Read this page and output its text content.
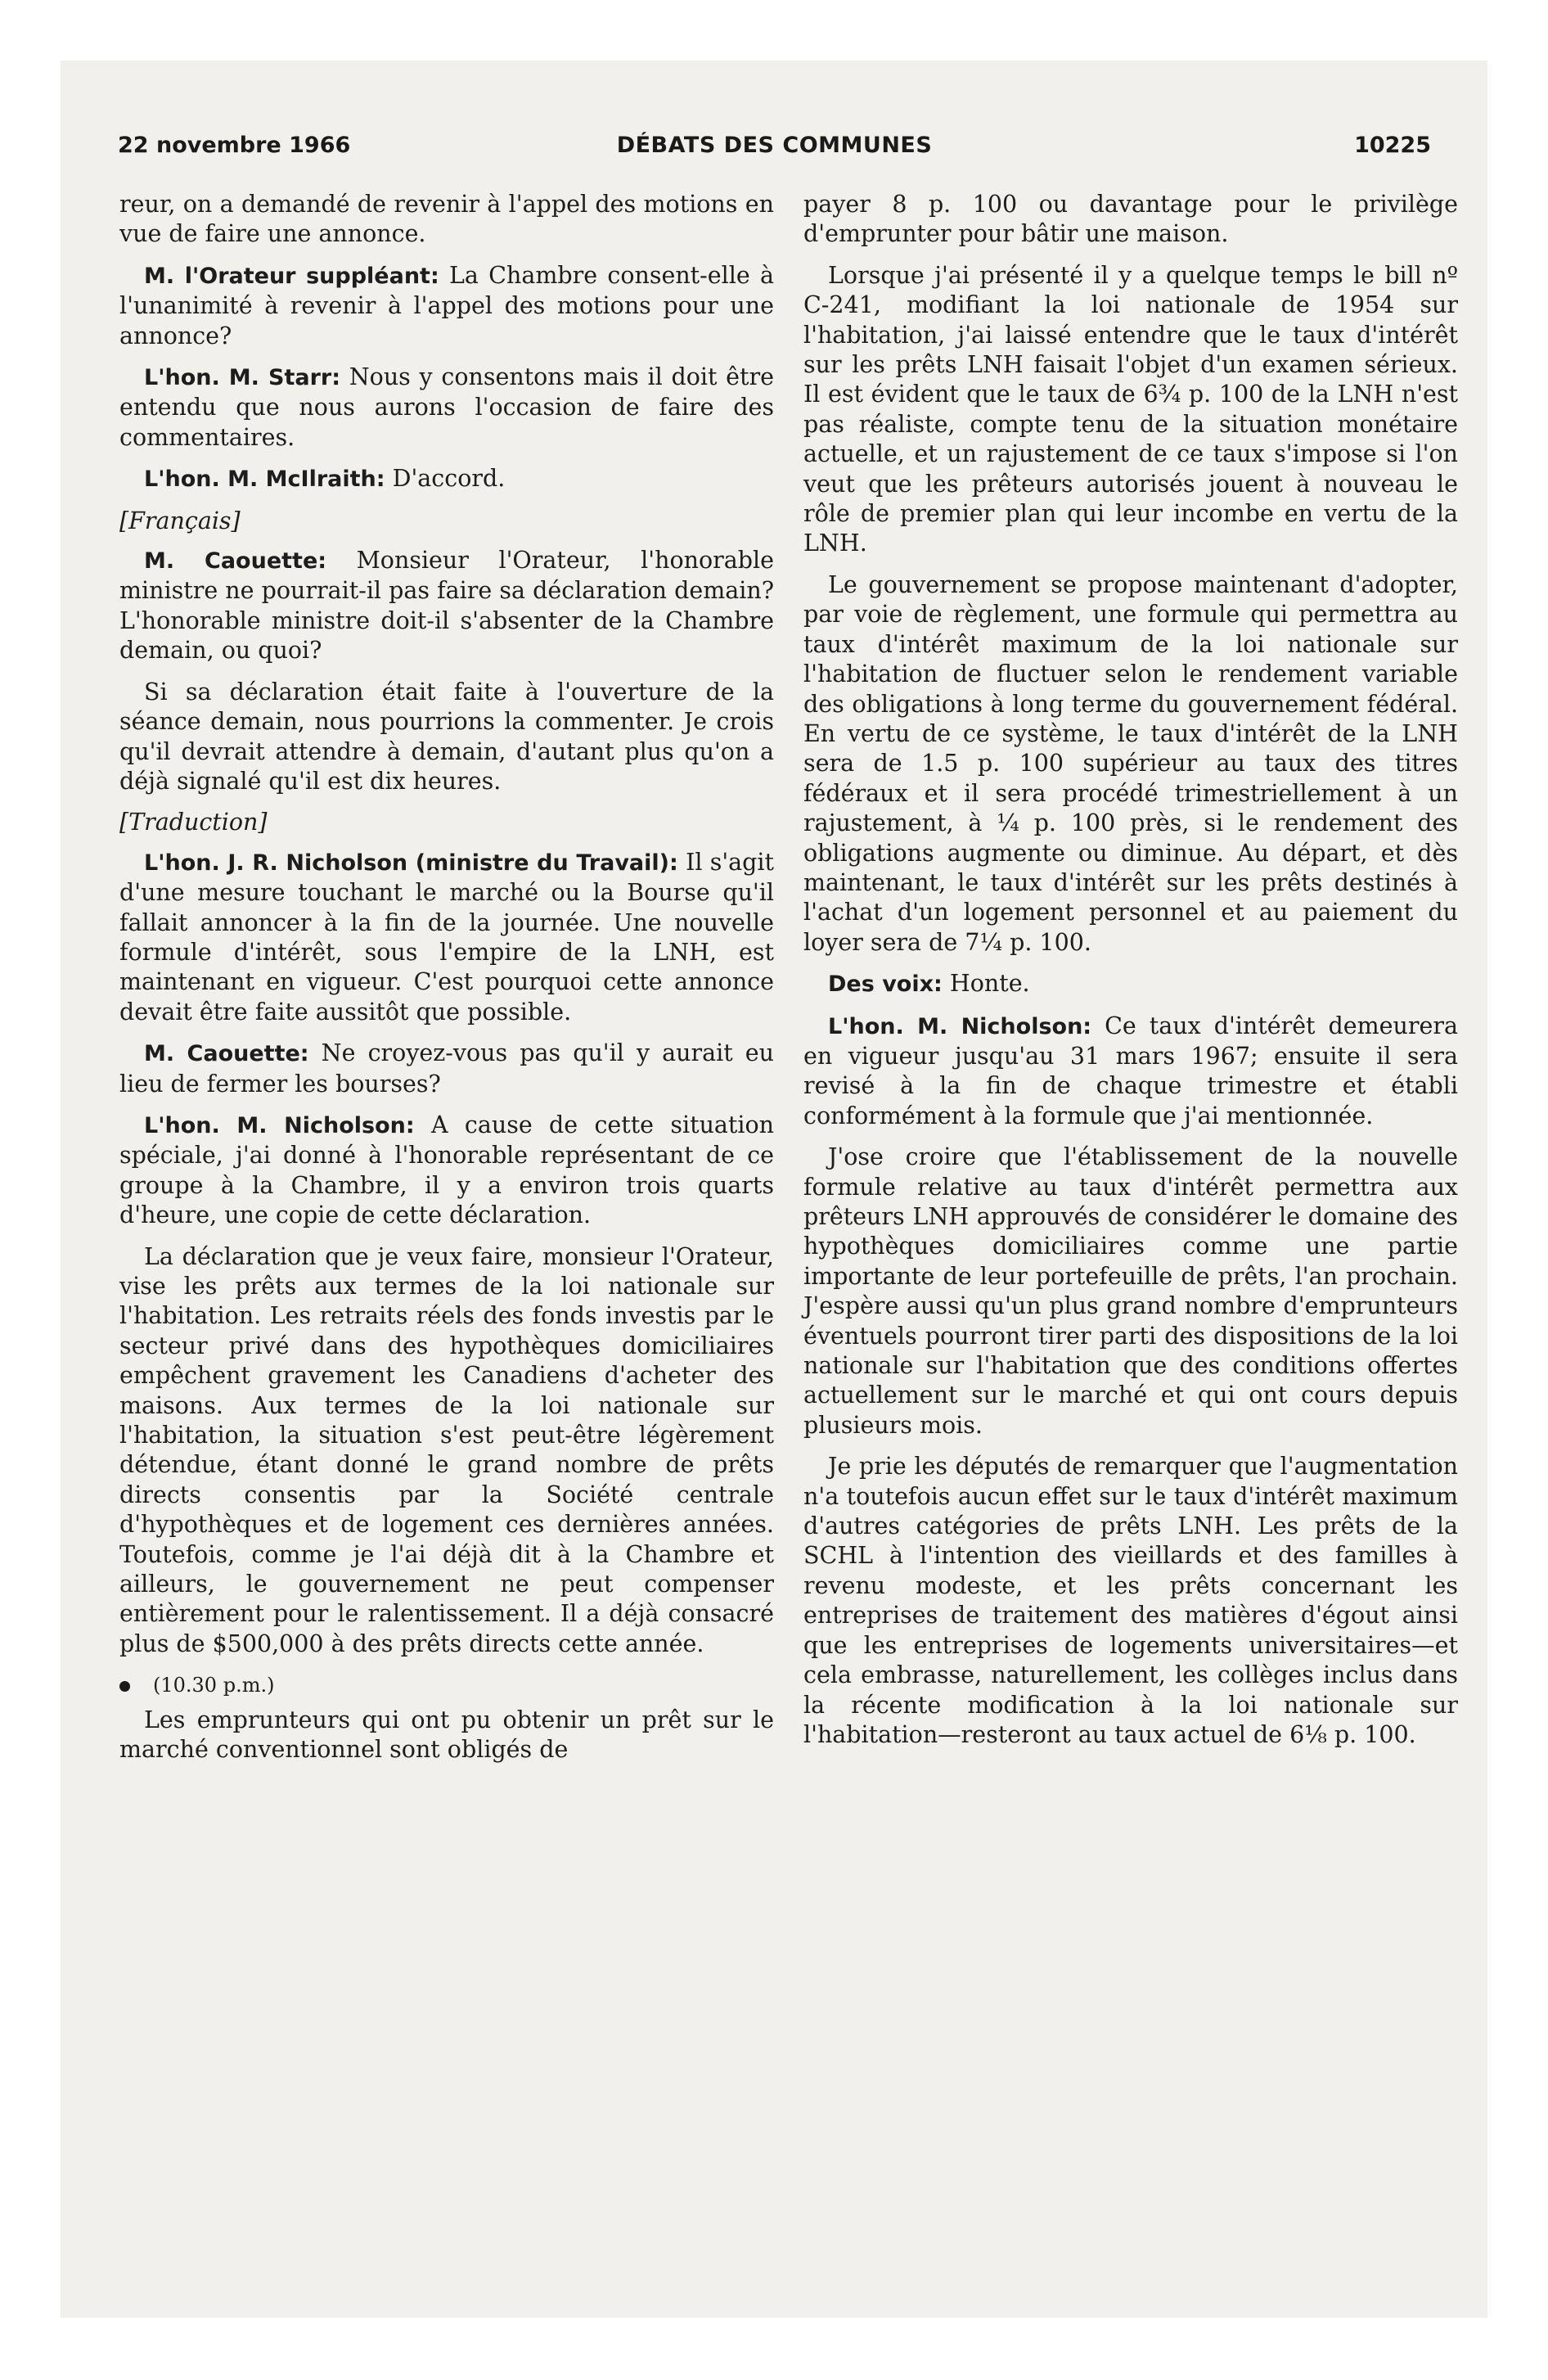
22 novembre 1966	DÉBATS DES COMMUNES	10225

reur, on a demandé de revenir à l'appel des motions en vue de faire une annonce.

M. l'Orateur suppléant: La Chambre consent-elle à l'unanimité à revenir à l'appel des motions pour une annonce?

L'hon. M. Starr: Nous y consentons mais il doit être entendu que nous aurons l'occasion de faire des commentaires.

L'hon. M. McIlraith: D'accord.

[Français]

M. Caouette: Monsieur l'Orateur, l'honorable ministre ne pourrait-il pas faire sa déclaration demain? L'honorable ministre doit-il s'absenter de la Chambre demain, ou quoi?

Si sa déclaration était faite à l'ouverture de la séance demain, nous pourrions la commenter. Je crois qu'il devrait attendre à demain, d'autant plus qu'on a déjà signalé qu'il est dix heures.

[Traduction]

L'hon. J. R. Nicholson (ministre du Travail): Il s'agit d'une mesure touchant le marché ou la Bourse qu'il fallait annoncer à la fin de la journée. Une nouvelle formule d'intérêt, sous l'empire de la LNH, est maintenant en vigueur. C'est pourquoi cette annonce devait être faite aussitôt que possible.

M. Caouette: Ne croyez-vous pas qu'il y aurait eu lieu de fermer les bourses?

L'hon. M. Nicholson: A cause de cette situation spéciale, j'ai donné à l'honorable représentant de ce groupe à la Chambre, il y a environ trois quarts d'heure, une copie de cette déclaration.

La déclaration que je veux faire, monsieur l'Orateur, vise les prêts aux termes de la loi nationale sur l'habitation. Les retraits réels des fonds investis par le secteur privé dans des hypothèques domiciliaires empêchent gravement les Canadiens d'acheter des maisons. Aux termes de la loi nationale sur l'habitation, la situation s'est peut-être légèrement détendue, étant donné le grand nombre de prêts directs consentis par la Société centrale d'hypothèques et de logement ces dernières années. Toutefois, comme je l'ai déjà dit à la Chambre et ailleurs, le gouvernement ne peut compenser entièrement pour le ralentissement. Il a déjà consacré plus de $500,000 à des prêts directs cette année.

(10.30 p.m.)

Les emprunteurs qui ont pu obtenir un prêt sur le marché conventionnel sont obligés de

payer 8 p. 100 ou davantage pour le privilège d'emprunter pour bâtir une maison.

Lorsque j'ai présenté il y a quelque temps le bill nº C-241, modifiant la loi nationale de 1954 sur l'habitation, j'ai laissé entendre que le taux d'intérêt sur les prêts LNH faisait l'objet d'un examen sérieux. Il est évident que le taux de 6¾ p. 100 de la LNH n'est pas réaliste, compte tenu de la situation monétaire actuelle, et un rajustement de ce taux s'impose si l'on veut que les prêteurs autorisés jouent à nouveau le rôle de premier plan qui leur incombe en vertu de la LNH.

Le gouvernement se propose maintenant d'adopter, par voie de règlement, une formule qui permettra au taux d'intérêt maximum de la loi nationale sur l'habitation de fluctuer selon le rendement variable des obligations à long terme du gouvernement fédéral. En vertu de ce système, le taux d'intérêt de la LNH sera de 1.5 p. 100 supérieur au taux des titres fédéraux et il sera procédé trimestriellement à un rajustement, à ¼ p. 100 près, si le rendement des obligations augmente ou diminue. Au départ, et dès maintenant, le taux d'intérêt sur les prêts destinés à l'achat d'un logement personnel et au paiement du loyer sera de 7¼ p. 100.

Des voix: Honte.

L'hon. M. Nicholson: Ce taux d'intérêt demeurera en vigueur jusqu'au 31 mars 1967; ensuite il sera revisé à la fin de chaque trimestre et établi conformément à la formule que j'ai mentionnée.

J'ose croire que l'établissement de la nouvelle formule relative au taux d'intérêt permettra aux prêteurs LNH approuvés de considérer le domaine des hypothèques domiciliaires comme une partie importante de leur portefeuille de prêts, l'an prochain. J'espère aussi qu'un plus grand nombre d'emprunteurs éventuels pourront tirer parti des dispositions de la loi nationale sur l'habitation que des conditions offertes actuellement sur le marché et qui ont cours depuis plusieurs mois.

Je prie les députés de remarquer que l'augmentation n'a toutefois aucun effet sur le taux d'intérêt maximum d'autres catégories de prêts LNH. Les prêts de la SCHL à l'intention des vieillards et des familles à revenu modeste, et les prêts concernant les entreprises de traitement des matières d'égout ainsi que les entreprises de logements universitaires—et cela embrasse, naturellement, les collèges inclus dans la récente modification à la loi nationale sur l'habitation—resteront au taux actuel de 6⅛ p. 100.
